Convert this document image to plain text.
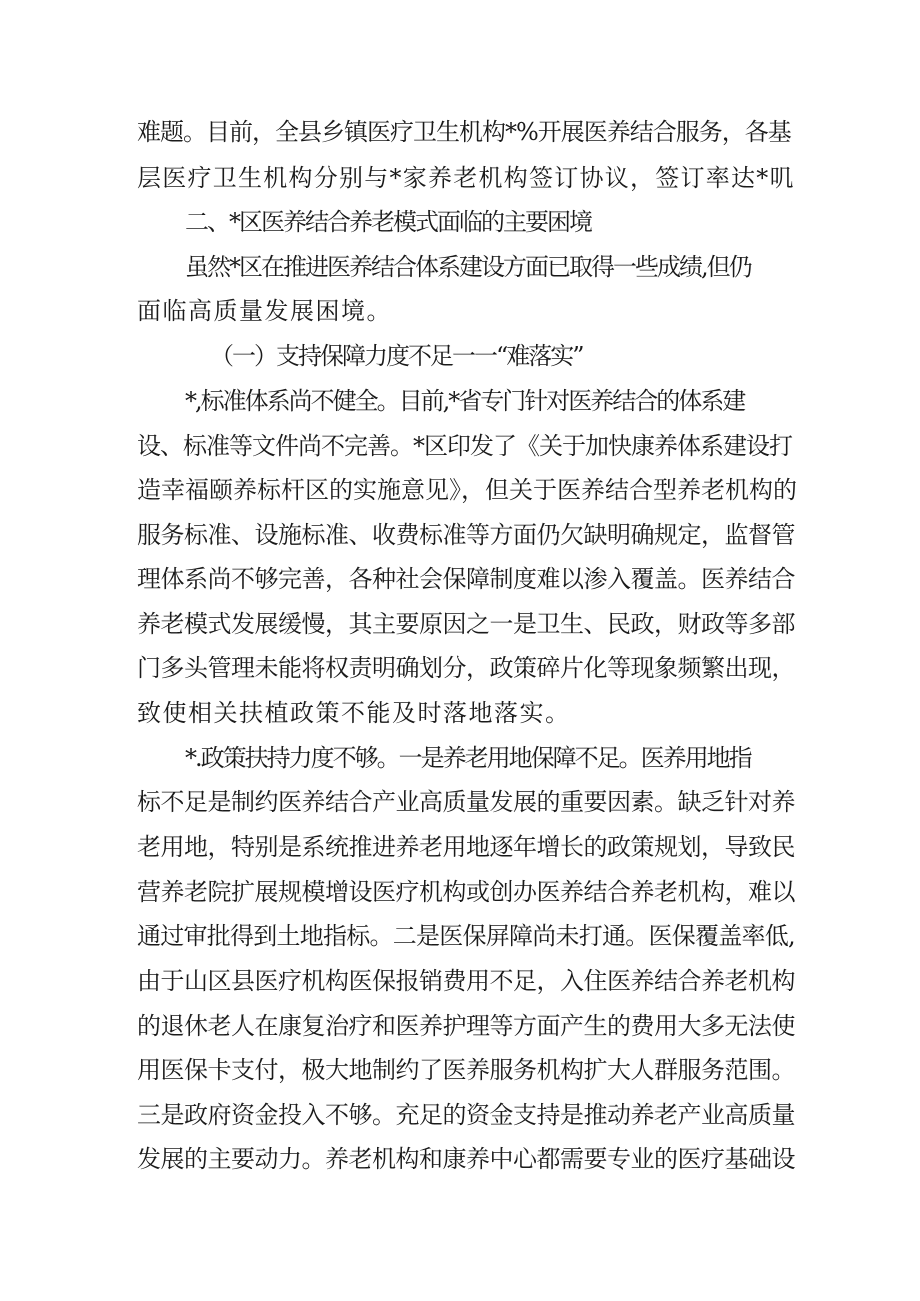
难题。目前，全县乡镇医疗卫生机构*%开展医养结合服务，各基
层医疗卫生机构分别与*家养老机构签订协议，签订率达*叽
二、*区医养结合养老模式面临的主要困境
虽然*区在推进医养结合体系建设方面已取得一些成绩,但仍
面临高质量发展困境。
（一）支持保障力度不足一一“难落实”
*,标准体系尚不健全。目前,*省专门针对医养结合的体系建
设、标准等文件尚不完善。*区印发了《关于加快康养体系建设打
造幸福颐养标杆区的实施意见》，但关于医养结合型养老机构的
服务标准、设施标准、收费标准等方面仍欠缺明确规定，监督管
理体系尚不够完善，各种社会保障制度难以渗入覆盖。医养结合
养老模式发展缓慢，其主要原因之一是卫生、民政，财政等多部
门多头管理未能将权责明确划分，政策碎片化等现象频繁出现，
致使相关扶植政策不能及时落地落实。
*.政策扶持力度不够。一是养老用地保障不足。医养用地指
标不足是制约医养结合产业高质量发展的重要因素。缺乏针对养
老用地，特别是系统推进养老用地逐年增长的政策规划，导致民
营养老院扩展规模增设医疗机构或创办医养结合养老机构，难以
通过审批得到土地指标。二是医保屏障尚未打通。医保覆盖率低,
由于山区县医疗机构医保报销费用不足，入住医养结合养老机构
的退休老人在康复治疗和医养护理等方面产生的费用大多无法使
用医保卡支付，极大地制约了医养服务机构扩大人群服务范围。
三是政府资金投入不够。充足的资金支持是推动养老产业高质量
发展的主要动力。养老机构和康养中心都需要专业的医疗基础设
